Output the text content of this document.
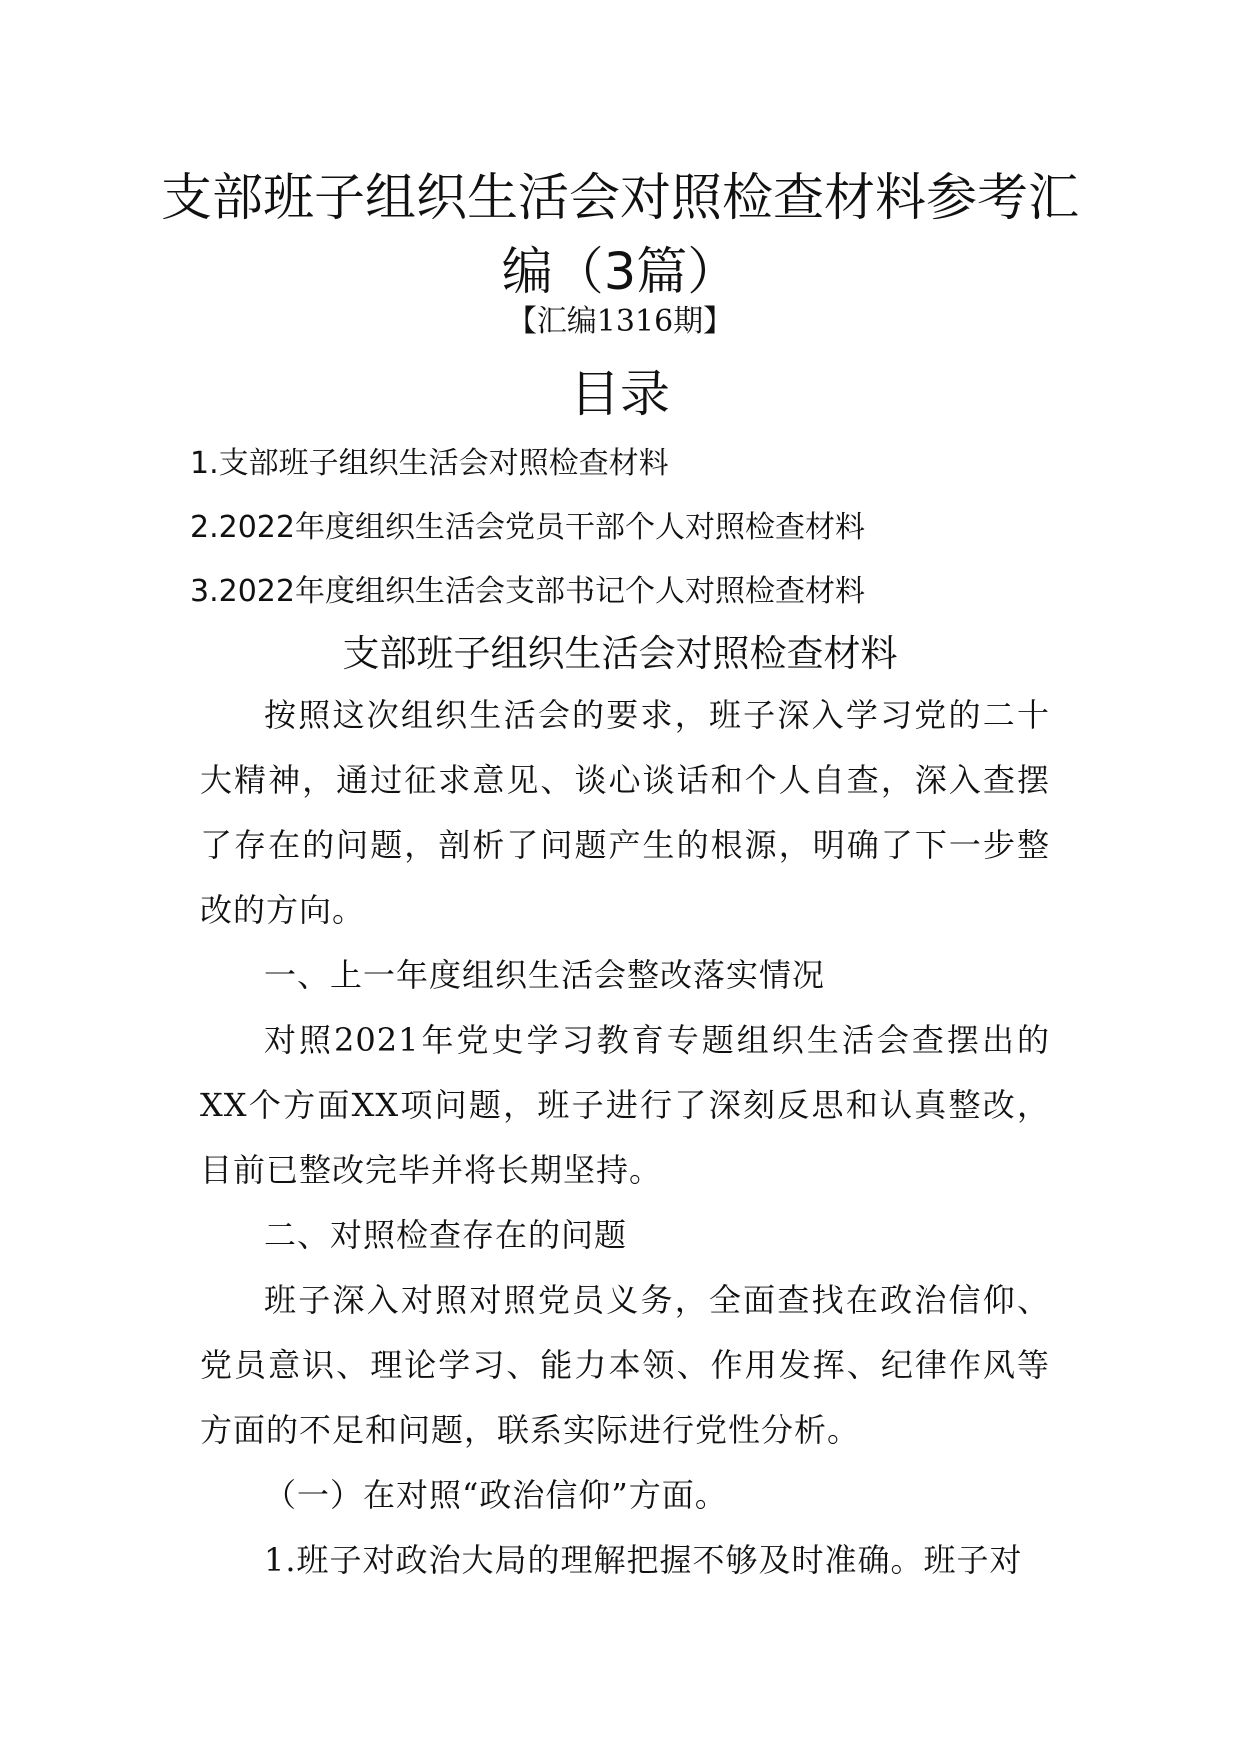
支部班子组织生活会对照检查材料参考汇
编（3篇）

【汇编1316期】

目录
1.支部班子组织生活会对照检查材料
2.2022年度组织生活会党员干部个人对照检查材料
3.2022年度组织生活会支部书记个人对照检查材料
支部班子组织生活会对照检查材料

按照这次组织生活会的要求，班子深入学习党的二十大精神，通过征求意见、谈心谈话和个人自查，深入查摆了存在的问题，剖析了问题产生的根源，明确了下一步整改的方向。

一、上一年度组织生活会整改落实情况

对照2021年党史学习教育专题组织生活会查摆出的XX个方面XX项问题，班子进行了深刻反思和认真整改，目前已整改完毕并将长期坚持。

二、对照检查存在的问题

班子深入对照对照党员义务，全面查找在政治信仰、党员意识、理论学习、能力本领、作用发挥、纪律作风等方面的不足和问题，联系实际进行党性分析。

（一）在对照“政治信仰”方面。

1.班子对政治大局的理解把握不够及时准确。班子对
